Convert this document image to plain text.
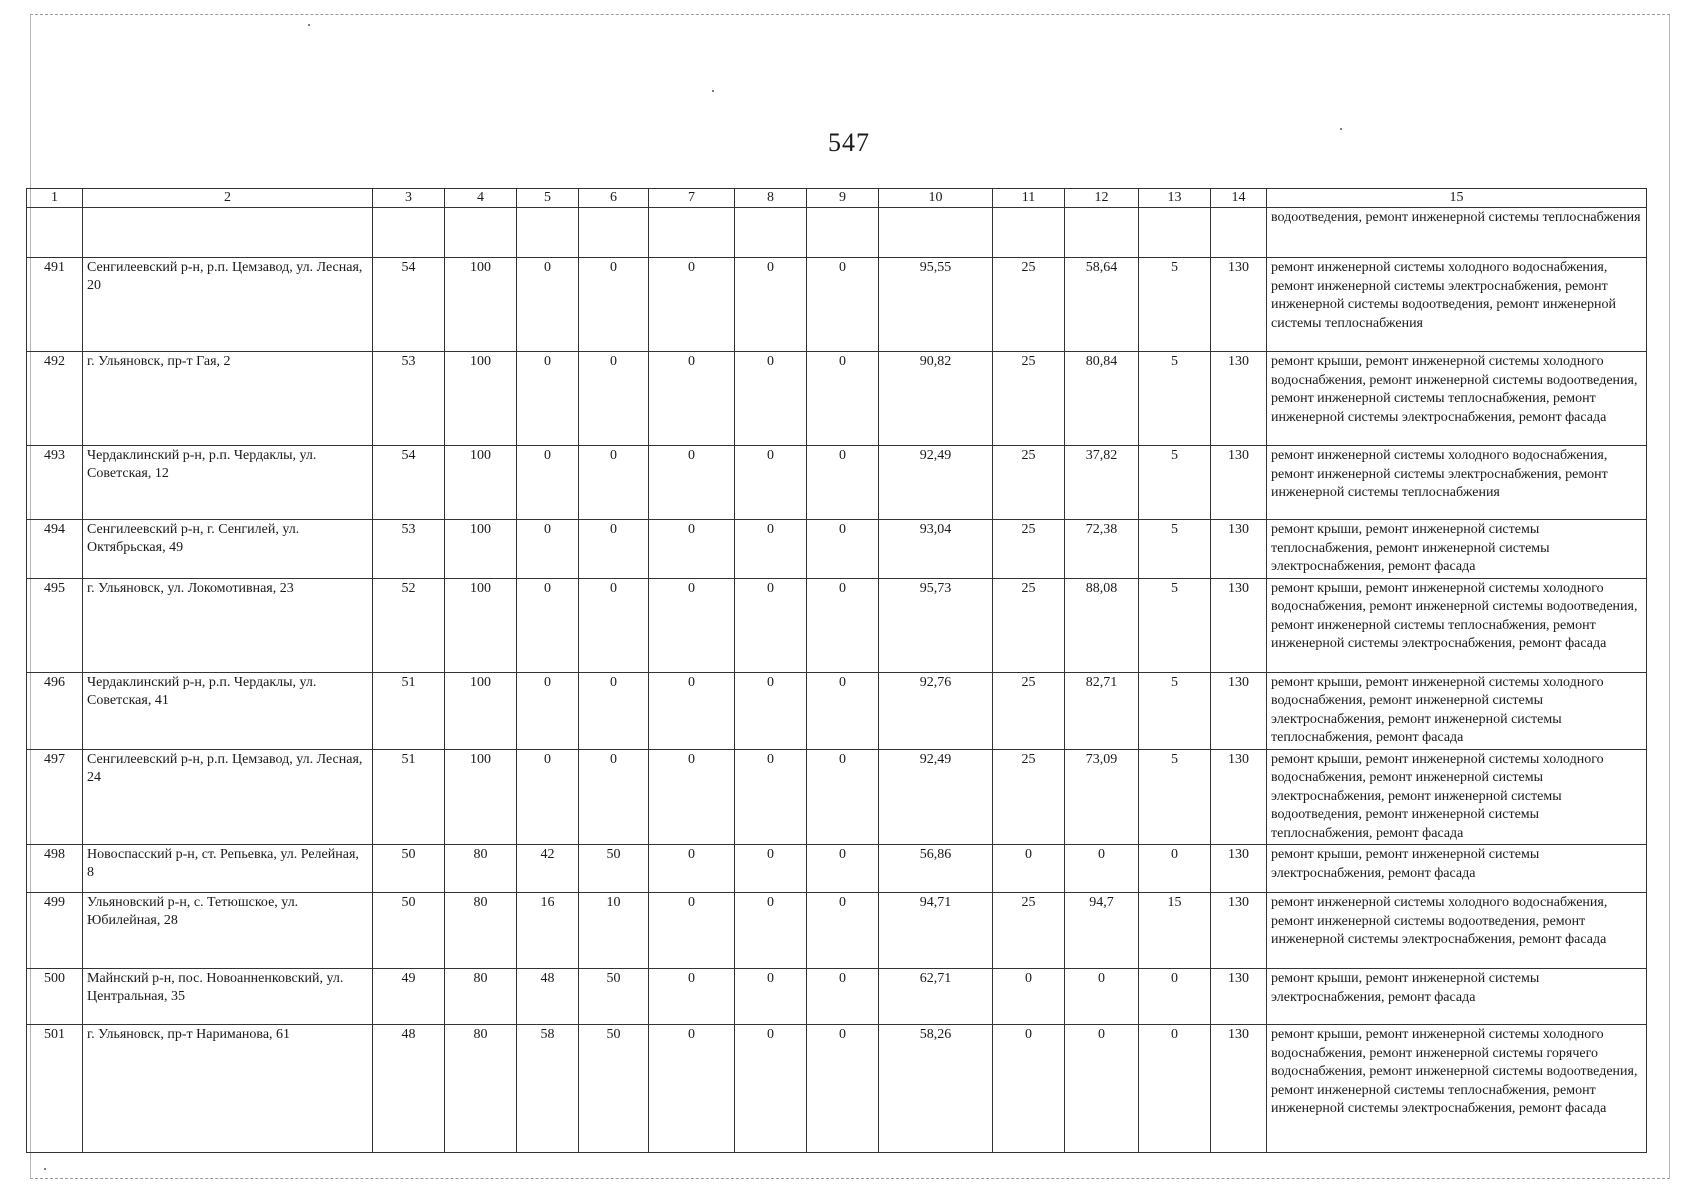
547
1	2	3	4	5	6	7	8	9	10	11	12	13	14	15
														водоотведения, ремонт инженерной системы теплоснабжения
491	Сенгилеевский р-н, р.п. Цемзавод, ул. Лесная, 20	54	100	0	0	0	0	0	95,55	25	58,64	5	130	ремонт инженерной системы холодного водоснабжения, ремонт инженерной системы электроснабжения, ремонт инженерной системы водоотведения, ремонт инженерной системы теплоснабжения
492	г. Ульяновск, пр-т Гая, 2	53	100	0	0	0	0	0	90,82	25	80,84	5	130	ремонт крыши, ремонт инженерной системы холодного водоснабжения, ремонт инженерной системы водоотведения, ремонт инженерной системы теплоснабжения, ремонт инженерной системы электроснабжения, ремонт фасада
493	Чердаклинский р-н, р.п. Чердаклы, ул. Советская, 12	54	100	0	0	0	0	0	92,49	25	37,82	5	130	ремонт инженерной системы холодного водоснабжения, ремонт инженерной системы электроснабжения, ремонт инженерной системы теплоснабжения
494	Сенгилеевский р-н, г. Сенгилей, ул. Октябрьская, 49	53	100	0	0	0	0	0	93,04	25	72,38	5	130	ремонт крыши, ремонт инженерной системы теплоснабжения, ремонт инженерной системы электроснабжения, ремонт фасада
495	г. Ульяновск, ул. Локомотивная, 23	52	100	0	0	0	0	0	95,73	25	88,08	5	130	ремонт крыши, ремонт инженерной системы холодного водоснабжения, ремонт инженерной системы водоотведения, ремонт инженерной системы теплоснабжения, ремонт инженерной системы электроснабжения, ремонт фасада
496	Чердаклинский р-н, р.п. Чердаклы, ул. Советская, 41	51	100	0	0	0	0	0	92,76	25	82,71	5	130	ремонт крыши, ремонт инженерной системы холодного водоснабжения, ремонт инженерной системы электроснабжения, ремонт инженерной системы теплоснабжения, ремонт фасада
497	Сенгилеевский р-н, р.п. Цемзавод, ул. Лесная, 24	51	100	0	0	0	0	0	92,49	25	73,09	5	130	ремонт крыши, ремонт инженерной системы холодного водоснабжения, ремонт инженерной системы электроснабжения, ремонт инженерной системы водоотведения, ремонт инженерной системы теплоснабжения, ремонт фасада
498	Новоспасский р-н, ст. Репьевка, ул. Релейная, 8	50	80	42	50	0	0	0	56,86	0	0	0	130	ремонт крыши, ремонт инженерной системы электроснабжения, ремонт фасада
499	Ульяновский р-н, с. Тетюшское, ул. Юбилейная, 28	50	80	16	10	0	0	0	94,71	25	94,7	15	130	ремонт инженерной системы холодного водоснабжения, ремонт инженерной системы водоотведения, ремонт инженерной системы электроснабжения, ремонт фасада
500	Майнский р-н, пос. Новоанненковский, ул. Центральная, 35	49	80	48	50	0	0	0	62,71	0	0	0	130	ремонт крыши, ремонт инженерной системы электроснабжения, ремонт фасада
501	г. Ульяновск, пр-т Нариманова, 61	48	80	58	50	0	0	0	58,26	0	0	0	130	ремонт крыши, ремонт инженерной системы холодного водоснабжения, ремонт инженерной системы горячего водоснабжения, ремонт инженерной системы водоотведения, ремонт инженерной системы теплоснабжения, ремонт инженерной системы электроснабжения, ремонт фасада
